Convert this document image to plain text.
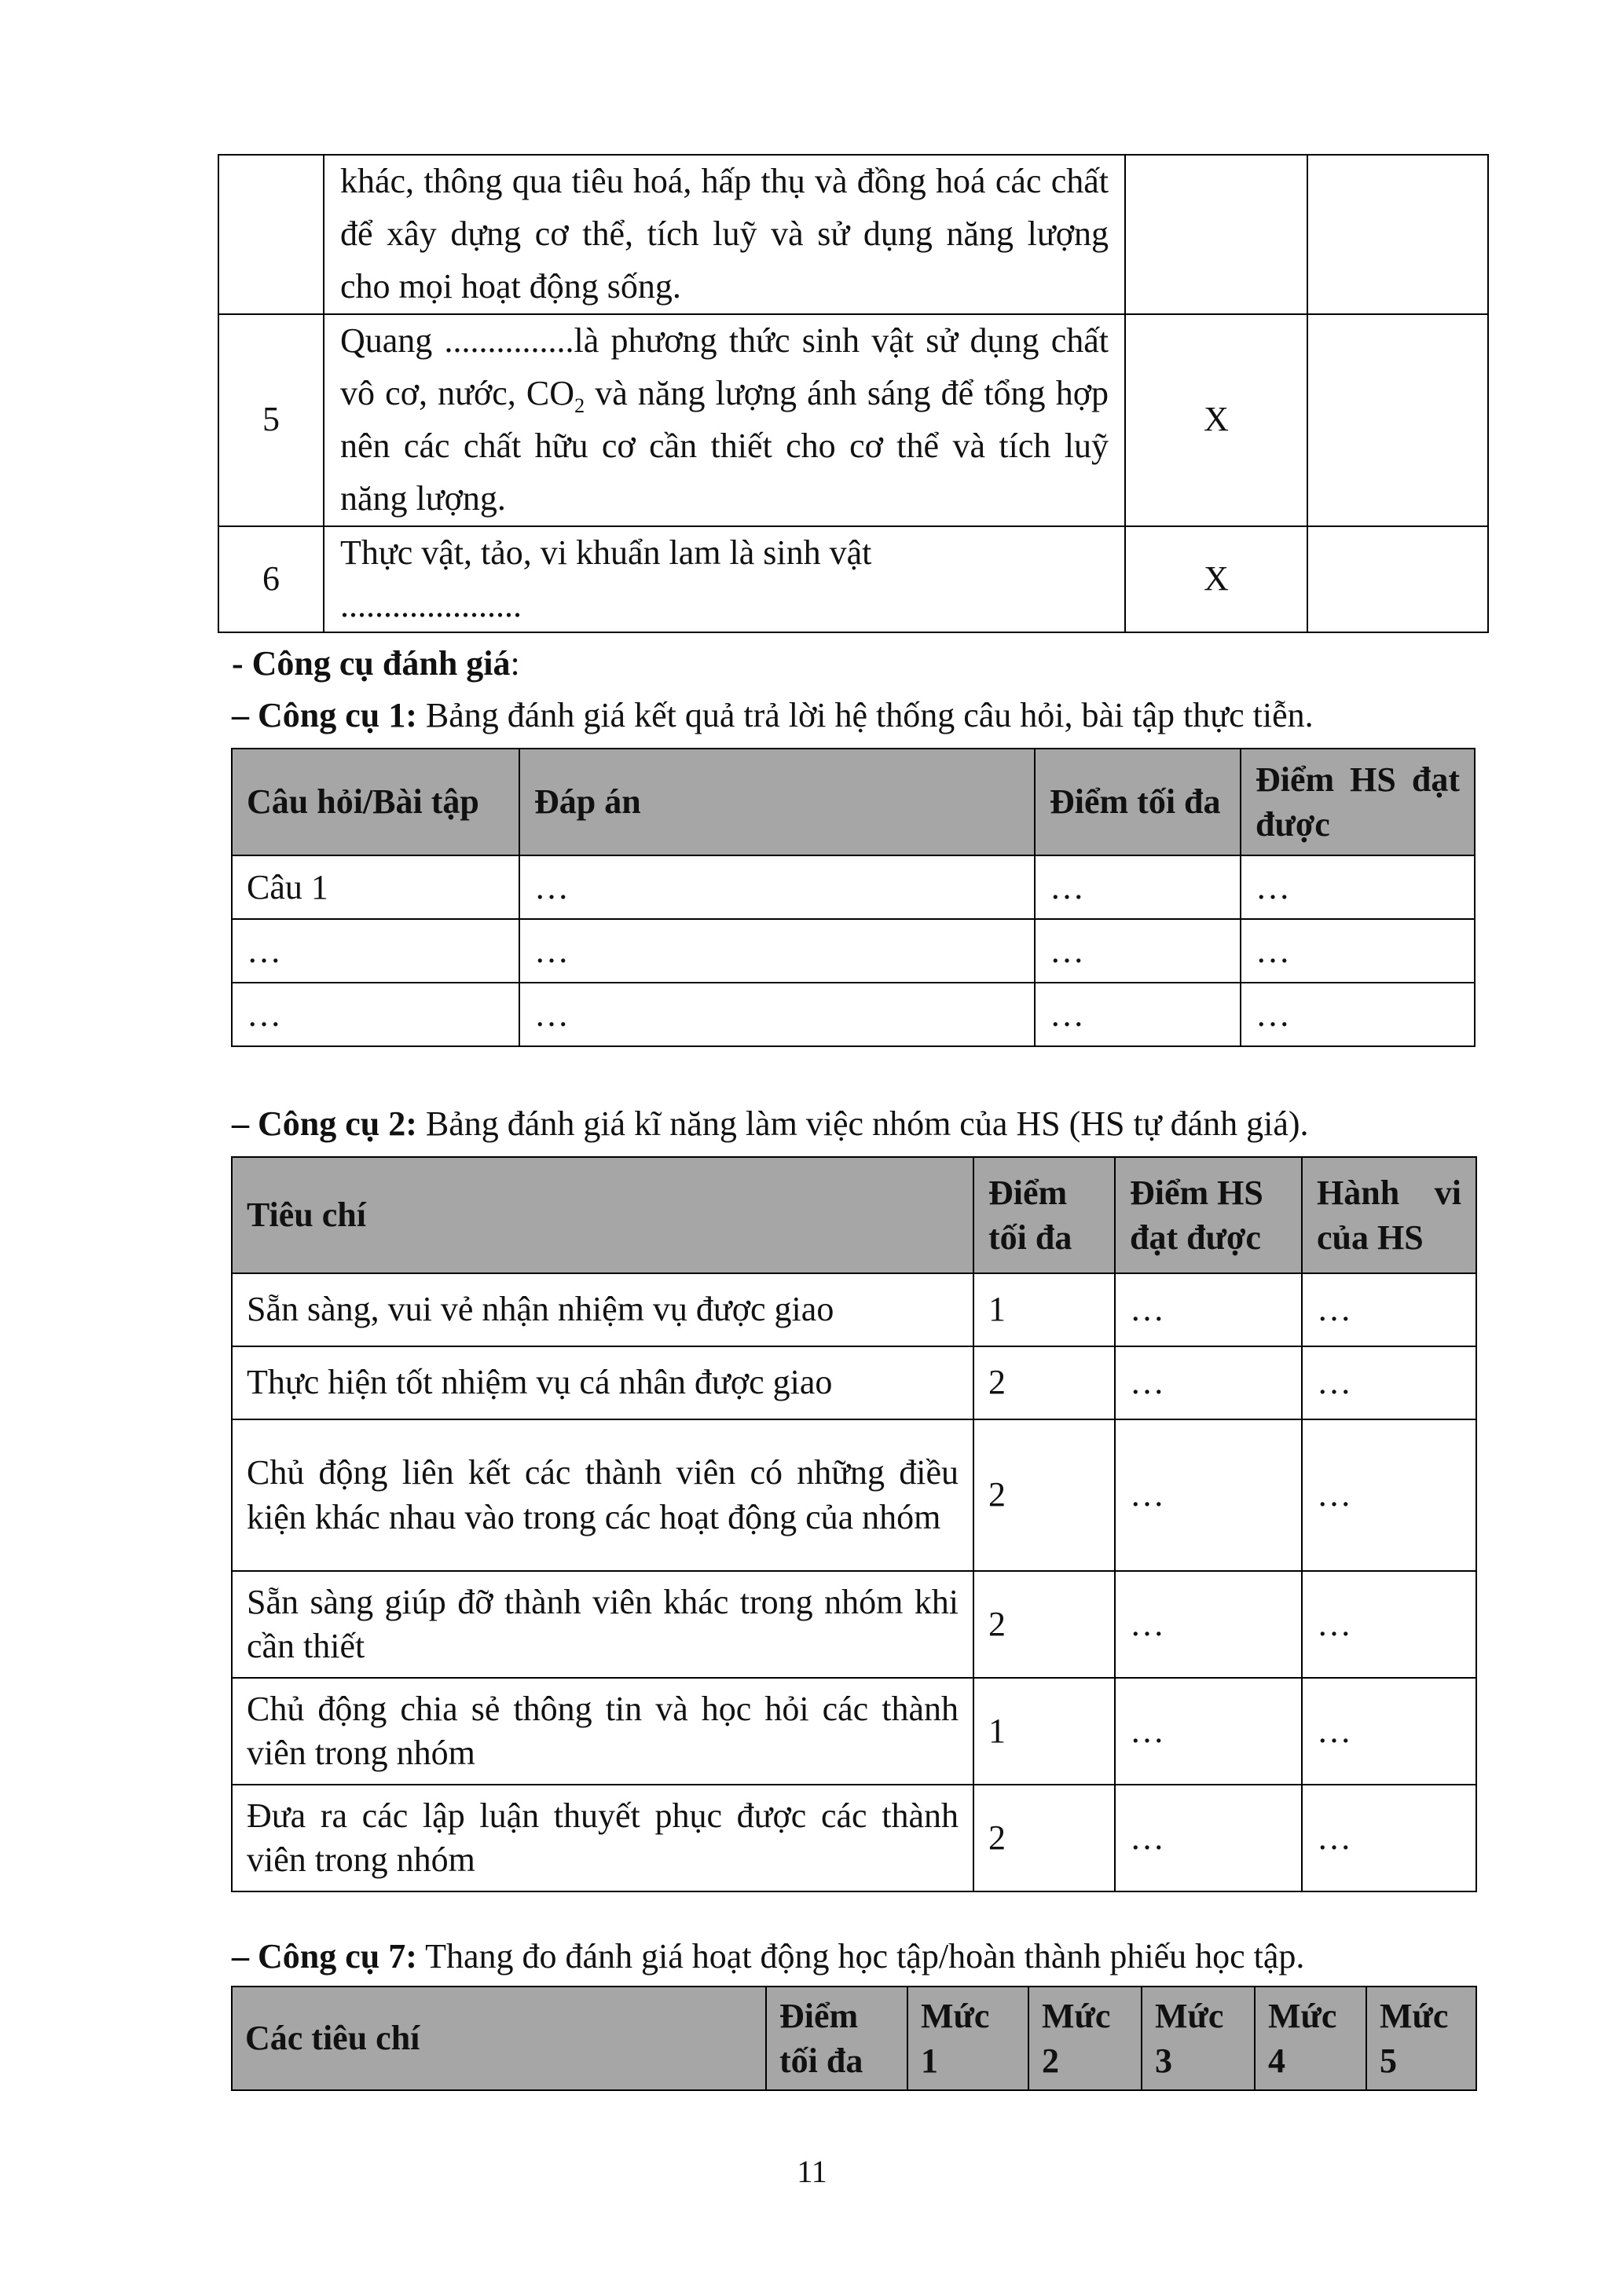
	khác, thông qua tiêu hoá, hấp thụ và đồng hoá các chất để xây dựng cơ thể, tích luỹ và sử dụng năng lượng cho mọi hoạt động sống.		
5	Quang ...............là phương thức sinh vật sử dụng chất vô cơ, nước, $CO_2$ và năng lượng ánh sáng để tổng hợp nên các chất hữu cơ cần thiết cho cơ thể và tích luỹ năng lượng.	X	
6	Thực vật, tảo, vi khuẩn lam là sinh vật .....................	X	
- Công cụ đánh giá:
– Công cụ 1: Bảng đánh giá kết quả trả lời hệ thống câu hỏi, bài tập thực tiễn.
Câu hỏi/Bài tập	Đáp án	Điểm tối đa	Điểm HS đạt được
Câu 1	…	…	…
…	…	…	…
…	…	…	…
– Công cụ 2: Bảng đánh giá kĩ năng làm việc nhóm của HS (HS tự đánh giá).
Tiêu chí	Điểm tối đa	Điểm HS đạt được	Hành vi của HS
Sẵn sàng, vui vẻ nhận nhiệm vụ được giao	1	…	…
Thực hiện tốt nhiệm vụ cá nhân được giao	2	…	…
Chủ động liên kết các thành viên có những điều kiện khác nhau vào trong các hoạt động của nhóm	2	…	…
Sẵn sàng giúp đỡ thành viên khác trong nhóm khi cần thiết	2	…	…
Chủ động chia sẻ thông tin và học hỏi các thành viên trong nhóm	1	…	…
Đưa ra các lập luận thuyết phục được các thành viên trong nhóm	2	…	…
– Công cụ 7: Thang đo đánh giá hoạt động học tập/hoàn thành phiếu học tập.
Các tiêu chí	Điểm tối đa	Mức 1	Mức 2	Mức 3	Mức 4	Mức 5
11
